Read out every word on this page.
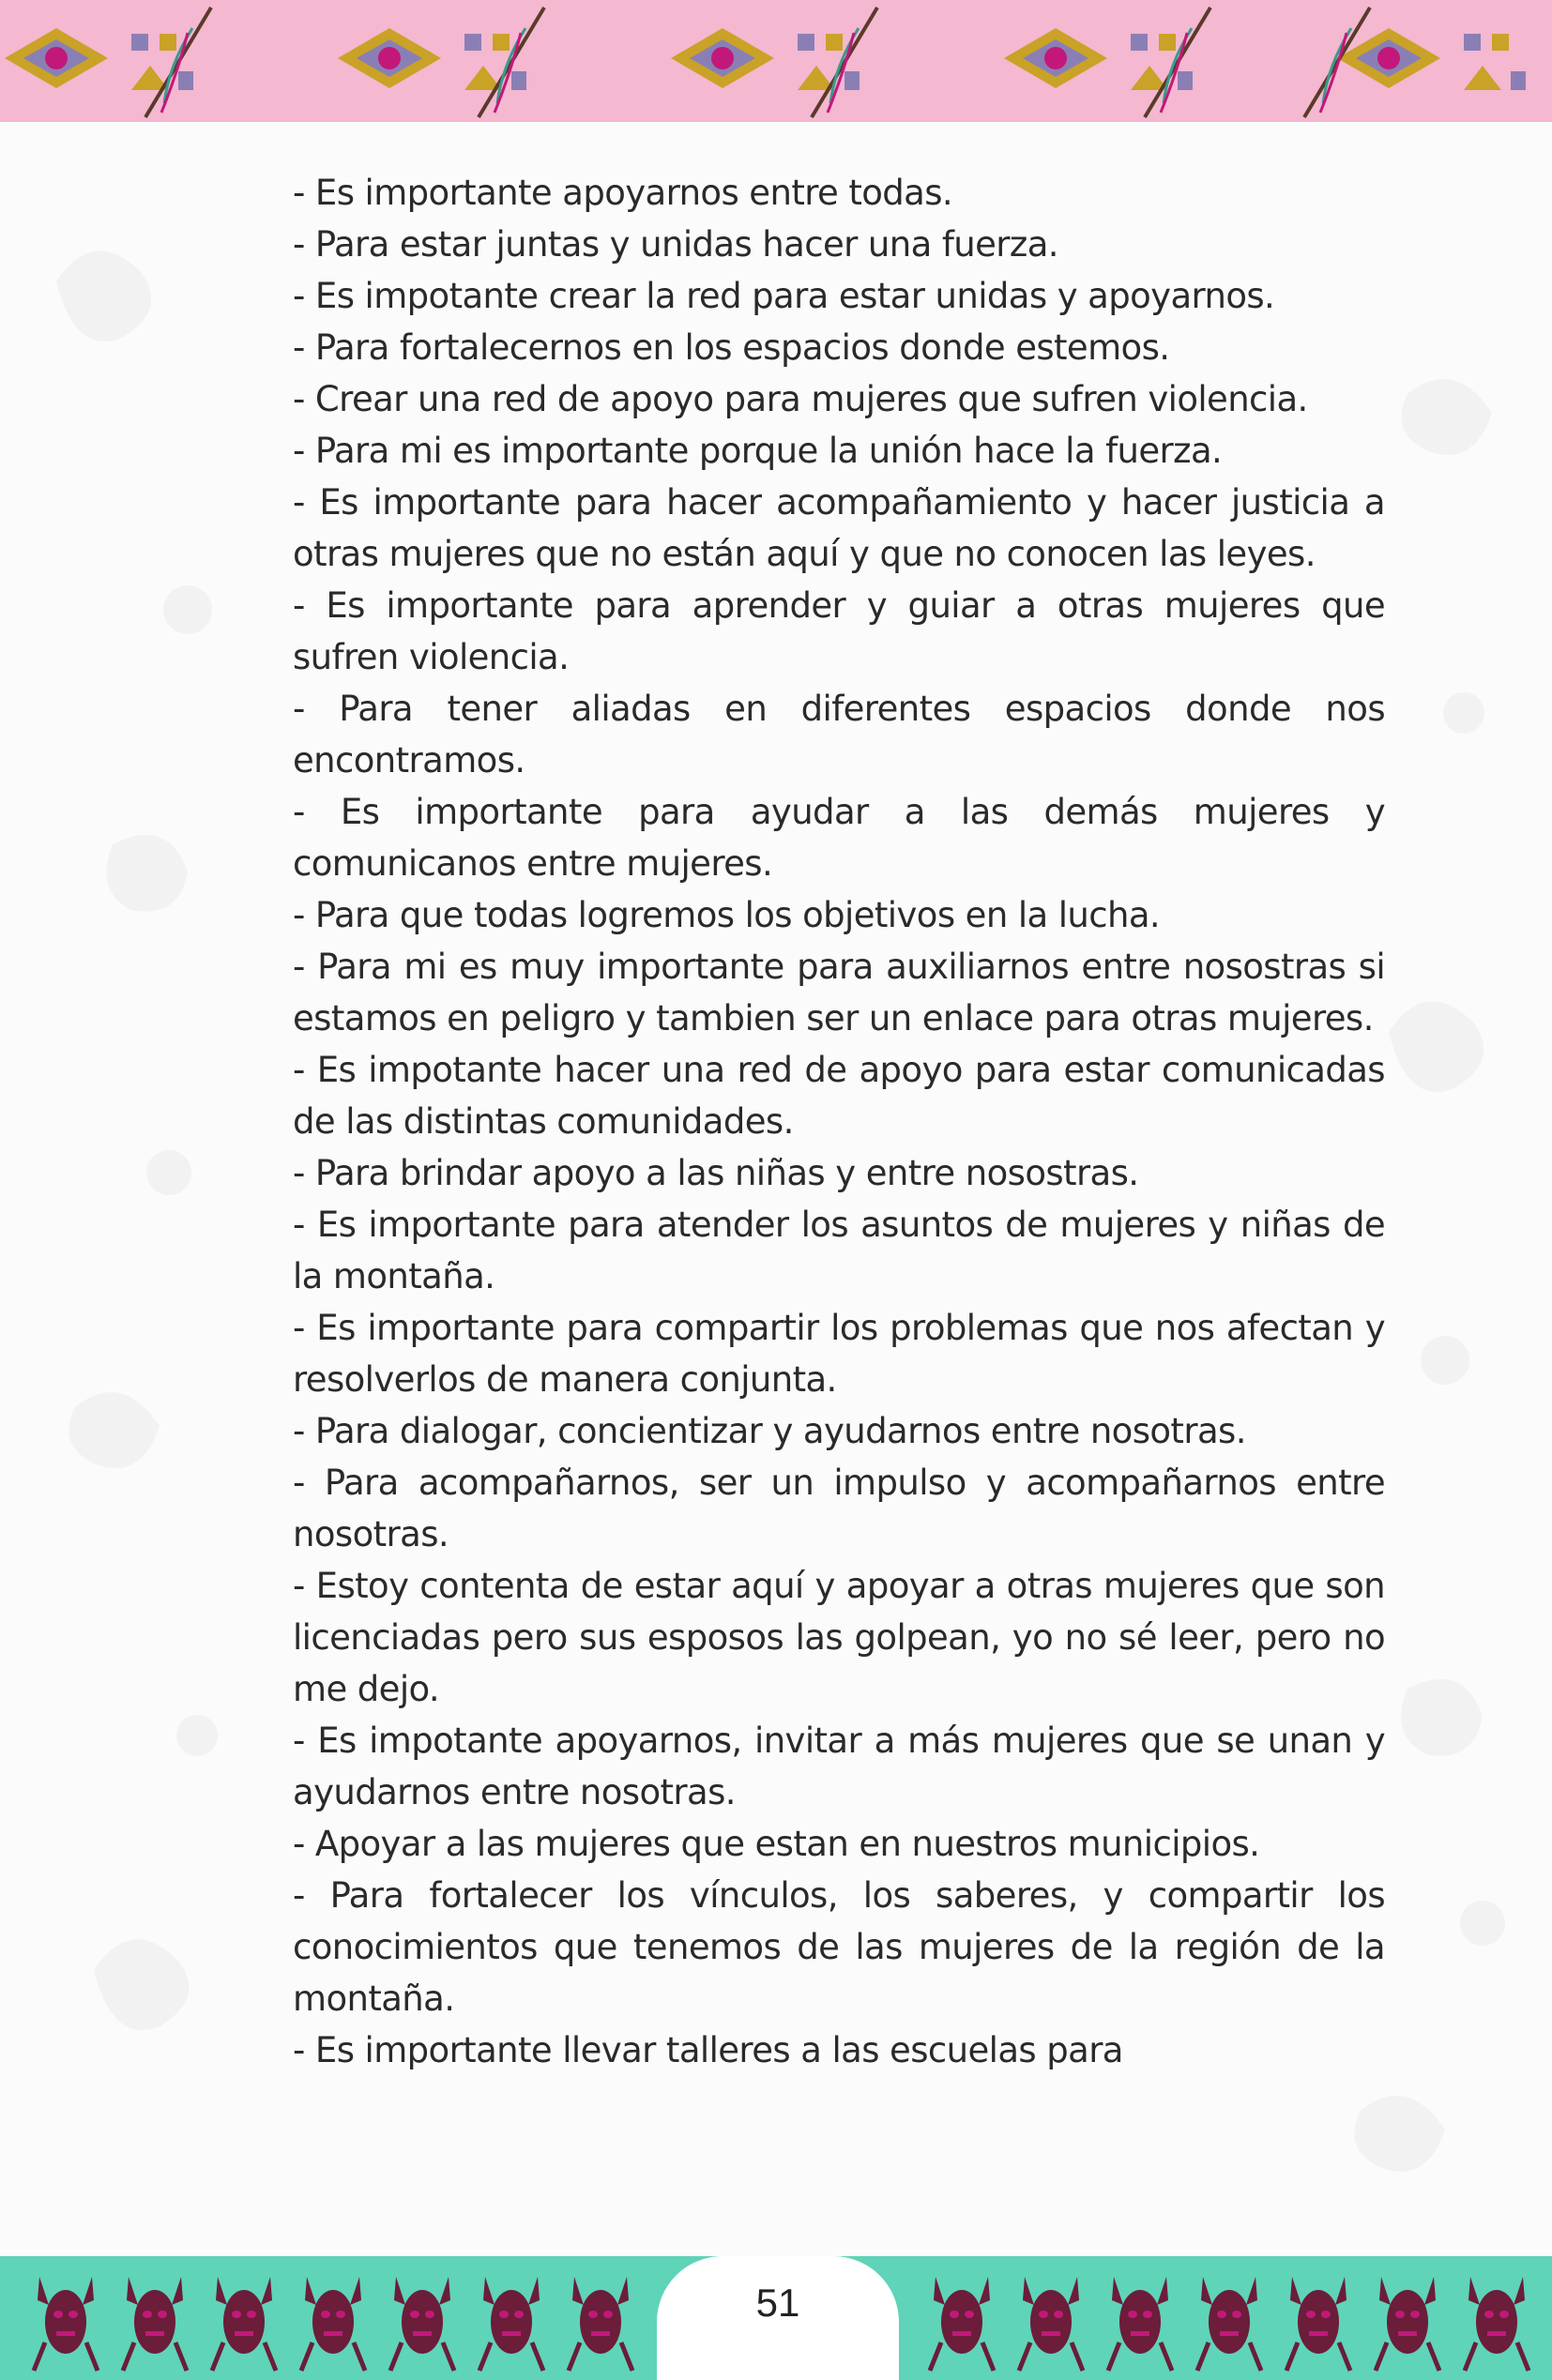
- Es importante apoyarnos entre todas.

- Para estar juntas y unidas hacer una fuerza.

- Es impotante crear la red para estar unidas y apoyarnos.

- Para fortalecernos en los espacios donde estemos.

- Crear una red de apoyo para mujeres que sufren violencia.

- Para mi es importante porque la unión hace la fuerza.

- Es importante para hacer acompañamiento y hacer justicia a otras mujeres que no están aquí y que no conocen las leyes.

- Es importante para aprender y guiar a otras mujeres que sufren violencia.

- Para tener aliadas en diferentes espacios donde nos encontramos.

- Es importante para ayudar a las demás mujeres y comunicanos entre mujeres.

- Para que todas logremos los objetivos en la lucha.

- Para mi es muy importante para auxiliarnos entre nosostras si estamos en peligro y tambien ser un enlace para otras mujeres.

- Es impotante hacer una red de apoyo para estar comunicadas de las distintas comunidades.

- Para brindar apoyo a las niñas y entre nosostras.

- Es importante para atender los asuntos de mujeres y niñas de la montaña.

- Es importante para compartir los problemas que nos afectan y resolverlos de manera conjunta.

- Para dialogar, concientizar y ayudarnos entre nosotras.

- Para acompañarnos, ser un impulso y acompañarnos entre nosotras.

- Estoy contenta de estar aquí y apoyar a otras mujeres que son licenciadas pero sus esposos las golpean, yo no sé leer, pero no me dejo.

- Es impotante apoyarnos, invitar a más mujeres que se unan y ayudarnos entre nosotras.

- Apoyar a las mujeres que estan en nuestros municipios.

- Para fortalecer los vínculos, los saberes, y compartir los conocimientos que tenemos de las mujeres de la región de la montaña.

- Es importante llevar talleres a las escuelas para

51
